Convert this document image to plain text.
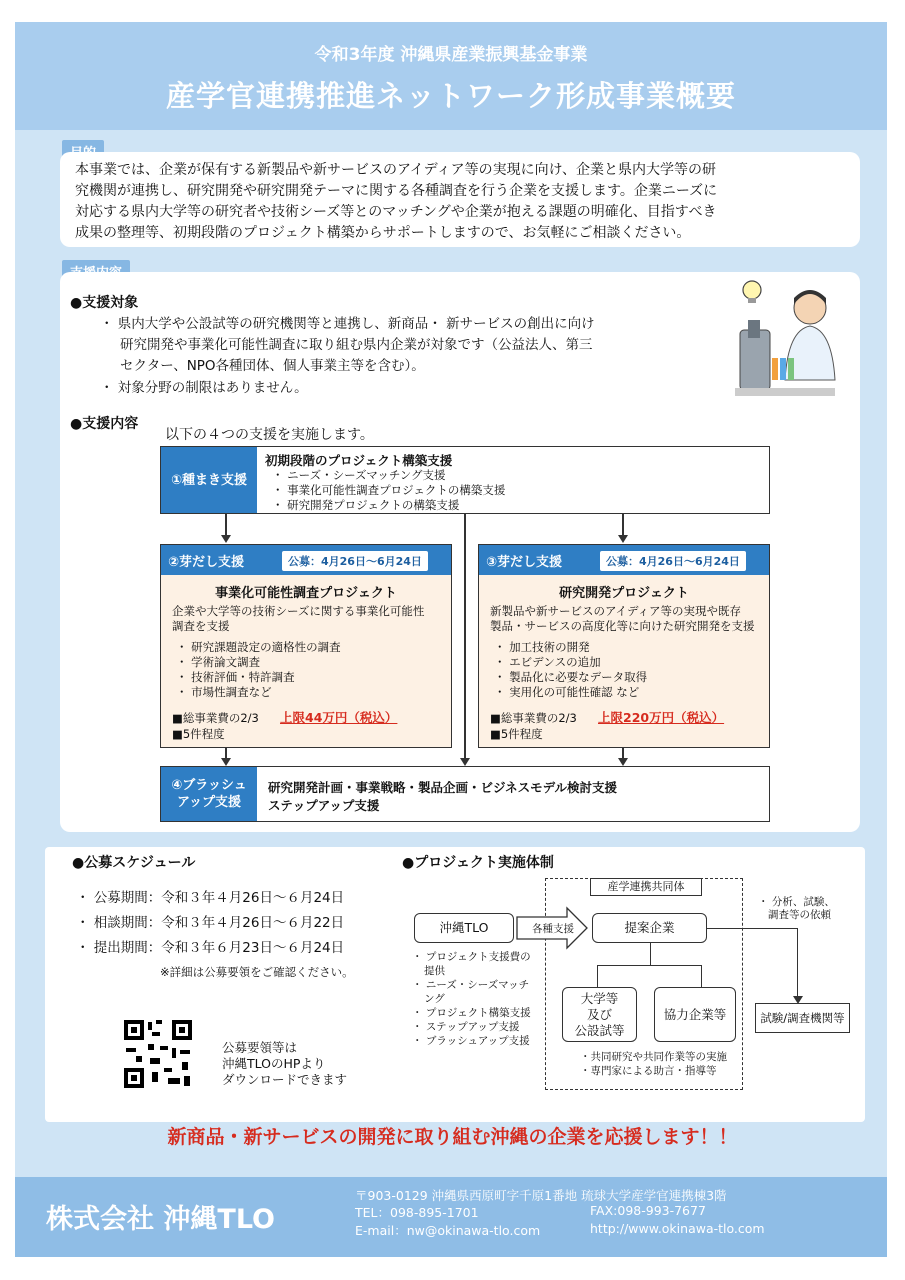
令和3年度 沖縄県産業振興基金事業
産学官連携推進ネットワーク形成事業概要
本事業では、企業が保有する新製品や新サービスのアイディア等の実現に向け、企業と県内大学等の研
究機関が連携し、研究開発や研究開発テーマに関する各種調査を行う企業を支援します。企業ニーズに
対応する県内大学等の研究者や技術シーズ等とのマッチングや企業が抱える課題の明確化、目指すべき
成果の整理等、初期段階のプロジェクト構築からサポートしますので、お気軽にご相談ください。
●支援対象
・ 県内大学や公設試等の研究機関等と連携し、新商品・ 新サービスの創出に向け
研究開発や事業化可能性調査に取り組む県内企業が対象です（公益法人、第三
セクター、NPO各種団体、個人事業主等を含む）。
・ 対象分野の制限はありません。
●支援内容
以下の４つの支援を実施します。
①種まき支援
初期段階のプロジェクト構築支援
・ ニーズ・シーズマッチング支援
・ 事業化可能性調査プロジェクトの構築支援
・ 研究開発プロジェクトの構築支援
②芽だし支援	公募：4月26日〜6月24日
事業化可能性調査プロジェクト
企業や大学等の技術シーズに関する事業化可能性
調査を支援
・ 研究課題設定の適格性の調査
・ 学術論文調査
・ 技術評価・特許調査
・ 市場性調査など
■総事業費の2/3 上限44万円（税込）
■5件程度
③芽だし支援	公募：4月26日〜6月24日
研究開発プロジェクト
新製品や新サービスのアイディア等の実現や既存
製品・サービスの高度化等に向けた研究開発を支援
・ 加工技術の開発
・ エビデンスの追加
・ 製品化に必要なデータ取得
・ 実用化の可能性確認 など
■総事業費の2/3 上限220万円（税込）
■5件程度
④ブラッシュ
アップ支援
研究開発計画・事業戦略・製品企画・ビジネスモデル検討支援
ステップアップ支援
●公募スケジュール
・ 公募期間：令和３年４月26日〜６月24日
・ 相談期間：令和３年４月26日〜６月22日
・ 提出期間：令和３年６月23日〜６月24日
※詳細は公募要領をご確認ください。
公募要領等は
沖縄TLOのHPより
ダウンロードできます
●プロジェクト実施体制
産学連携共同体
沖縄TLO	各種支援	提案企業
大学等
及び
公設試等
協力企業等
・共同研究や共同作業等の実施
・専門家による助言・指導等
・ 分析、試験、
調査等の依頼
試験/調査機関等
・ プロジェクト支援費の
提供
・ ニーズ・シーズマッチ
ング
・ プロジェクト構築支援
・ ステップアップ支援
・ ブラッシュアップ支援
新商品・新サービスの開発に取り組む沖縄の企業を応援します！！
株式会社 沖縄TLO
〒903-0129 沖縄県西原町字千原1番地 琉球大学産学官連携棟3階
TEL：098-895-1701	FAX:098-993-7677
E-mail：nw@okinawa-tlo.com	http://www.okinawa-tlo.com
